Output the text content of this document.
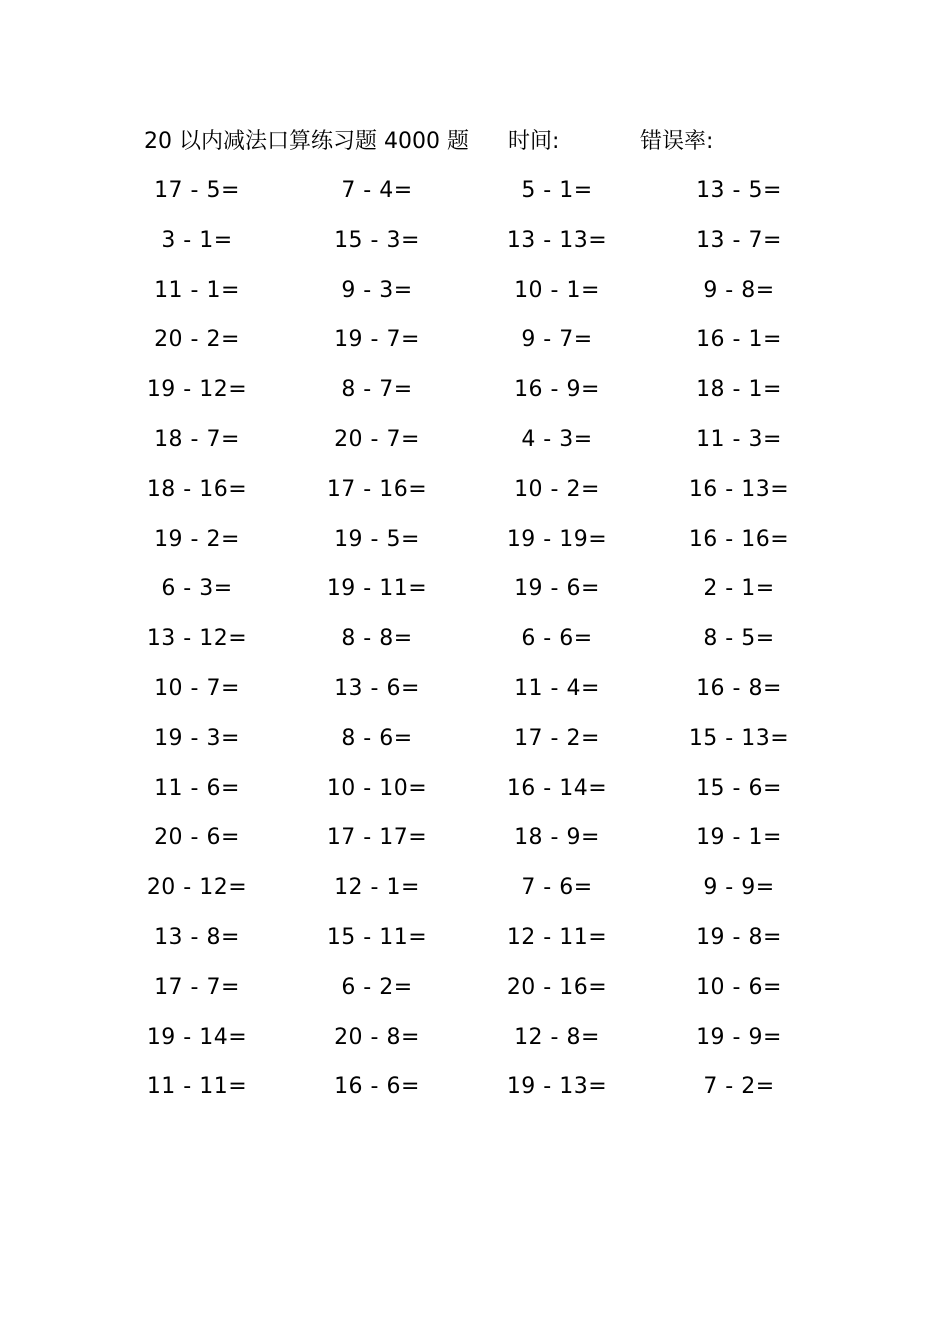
20 以内减法口算练习题 4000 题 时间:	错误率:
17 - 5=	7 - 4=	5 - 1=	13 - 5=
3 - 1=	15 - 3=	13 - 13=	13 - 7=
11 - 1=	9 - 3=	10 - 1=	9 - 8=
20 - 2=	19 - 7=	9 - 7=	16 - 1=
19 - 12=	8 - 7=	16 - 9=	18 - 1=
18 - 7=	20 - 7=	4 - 3=	11 - 3=
18 - 16=	17 - 16=	10 - 2=	16 - 13=
19 - 2=	19 - 5=	19 - 19=	16 - 16=
6 - 3=	19 - 11=	19 - 6=	2 - 1=
13 - 12=	8 - 8=	6 - 6=	8 - 5=
10 - 7=	13 - 6=	11 - 4=	16 - 8=
19 - 3=	8 - 6=	17 - 2=	15 - 13=
11 - 6=	10 - 10=	16 - 14=	15 - 6=
20 - 6=	17 - 17=	18 - 9=	19 - 1=
20 - 12=	12 - 1=	7 - 6=	9 - 9=
13 - 8=	15 - 11=	12 - 11=	19 - 8=
17 - 7=	6 - 2=	20 - 16=	10 - 6=
19 - 14=	20 - 8=	12 - 8=	19 - 9=
11 - 11=	16 - 6=	19 - 13=	7 - 2=
